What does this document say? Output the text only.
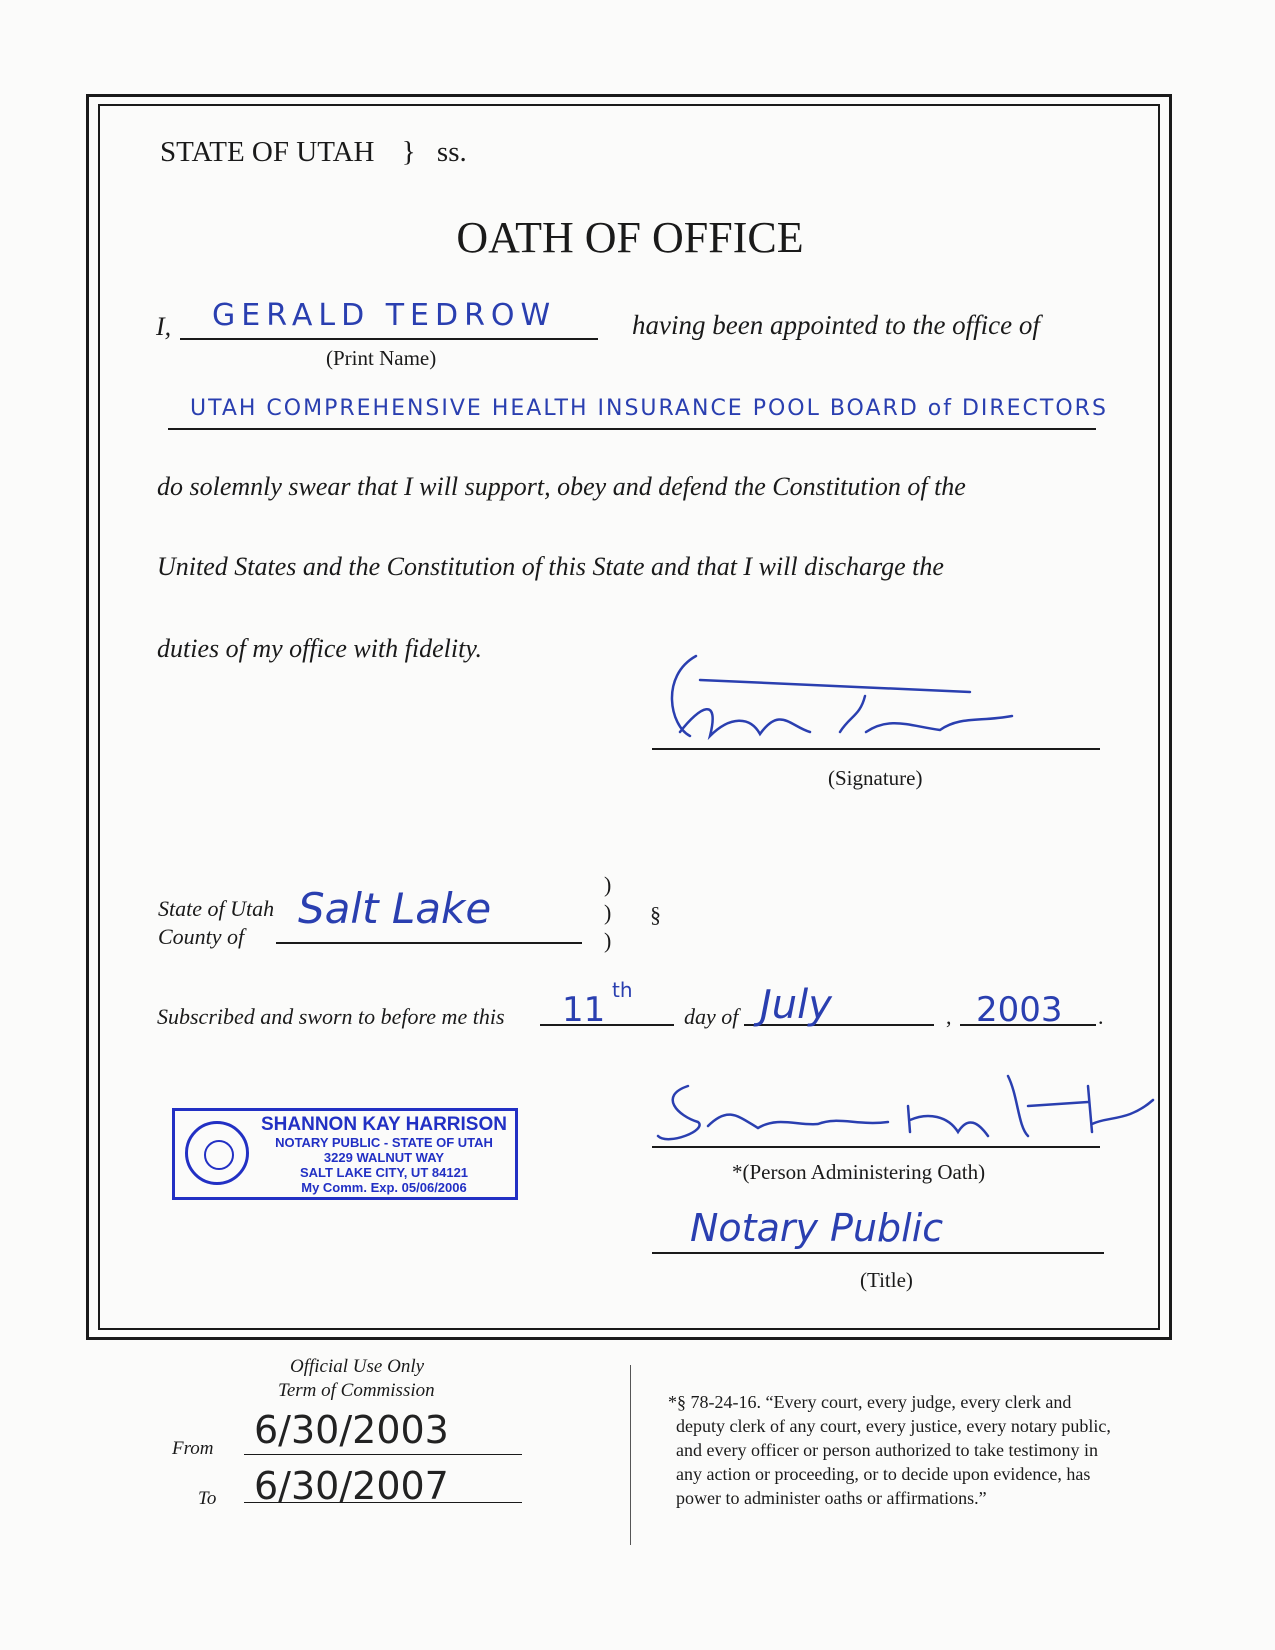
STATE OF UTAH } ss.
OATH OF OFFICE
I, GERALD TEDROW
(Print Name)
having been appointed to the office of
UTAH COMPREHENSIVE HEALTH INSURANCE POOL BOARD of DIRECTORS
do solemnly swear that I will support, obey and defend the Constitution of the
United States and the Constitution of this State and that I will discharge the
duties of my office with fidelity.	Gerald Tedrow
(Signature)
State of Utah
County of
Salt Lake	)
)
)
§
Subscribed and sworn to before me this 11 th
day of July	, 2003 .
SHANNON KAY HARRISON
NOTARY PUBLIC - STATE OF UTAH
3229 WALNUT WAY
SALT LAKE CITY, UT 84121
My Comm. Exp. 05/06/2006
Shannon Kay Harrison
*(Person Administering Oath)
Notary Public
(Title)
Official Use Only
Term of Commission
From 6/30/2003
To 6/30/2007
*§ 78-24-16. “Every court, every judge, every clerk and
deputy clerk of any court, every justice, every notary public,
and every officer or person authorized to take testimony in
any action or proceeding, or to decide upon evidence, has
power to administer oaths or affirmations.”
